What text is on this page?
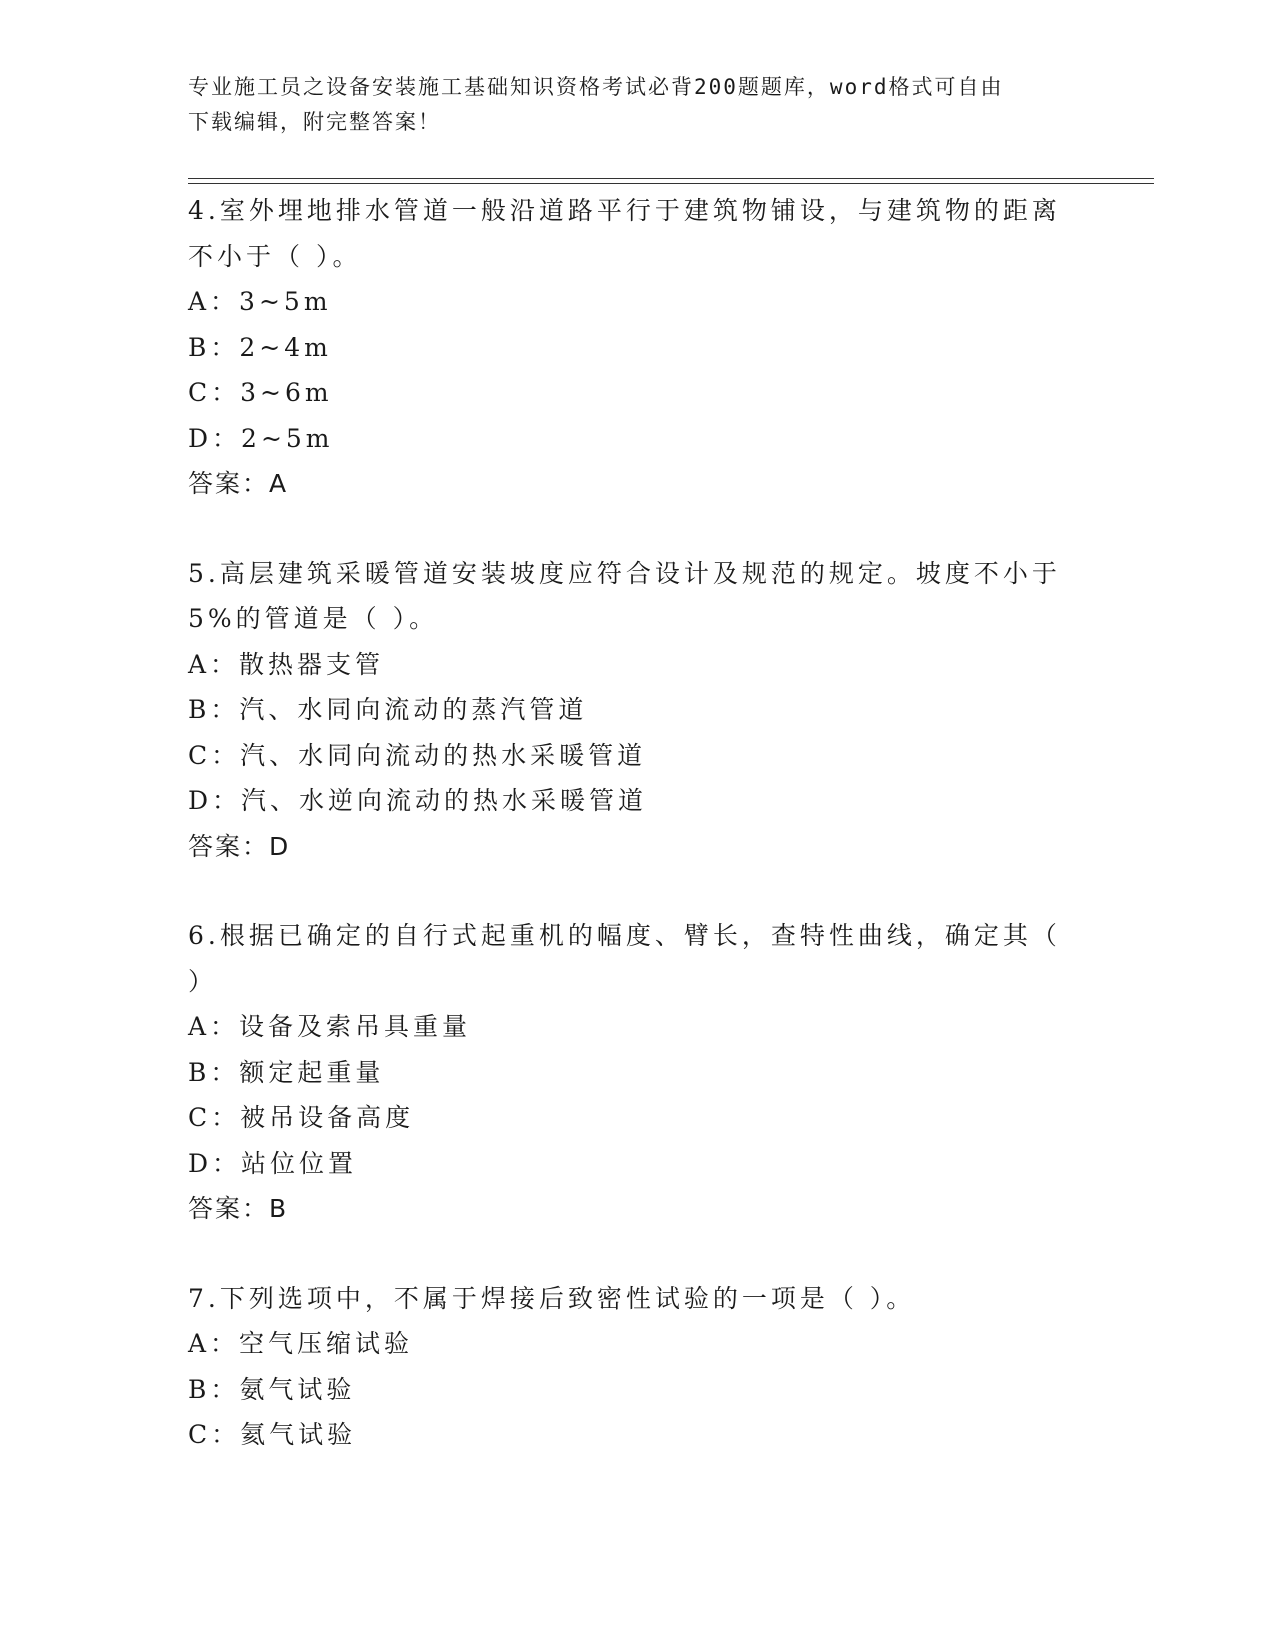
专业施工员之设备安装施工基础知识资格考试必背200题题库，word格式可自由
下载编辑，附完整答案！
4.室外埋地排水管道一般沿道路平行于建筑物铺设，与建筑物的距离
不小于（ ）。
A：3~5m
B：2~4m
C：3~6m
D：2~5m
答案：A
5.高层建筑采暖管道安装坡度应符合设计及规范的规定。坡度不小于
5%的管道是（ ）。
A：散热器支管
B：汽、水同向流动的蒸汽管道
C：汽、水同向流动的热水采暖管道
D：汽、水逆向流动的热水采暖管道
答案：D
6.根据已确定的自行式起重机的幅度、臂长，查特性曲线，确定其（
）
A：设备及索吊具重量
B：额定起重量
C：被吊设备高度
D：站位位置
答案：B
7.下列选项中，不属于焊接后致密性试验的一项是（ ）。
A：空气压缩试验
B：氨气试验
C：氦气试验
